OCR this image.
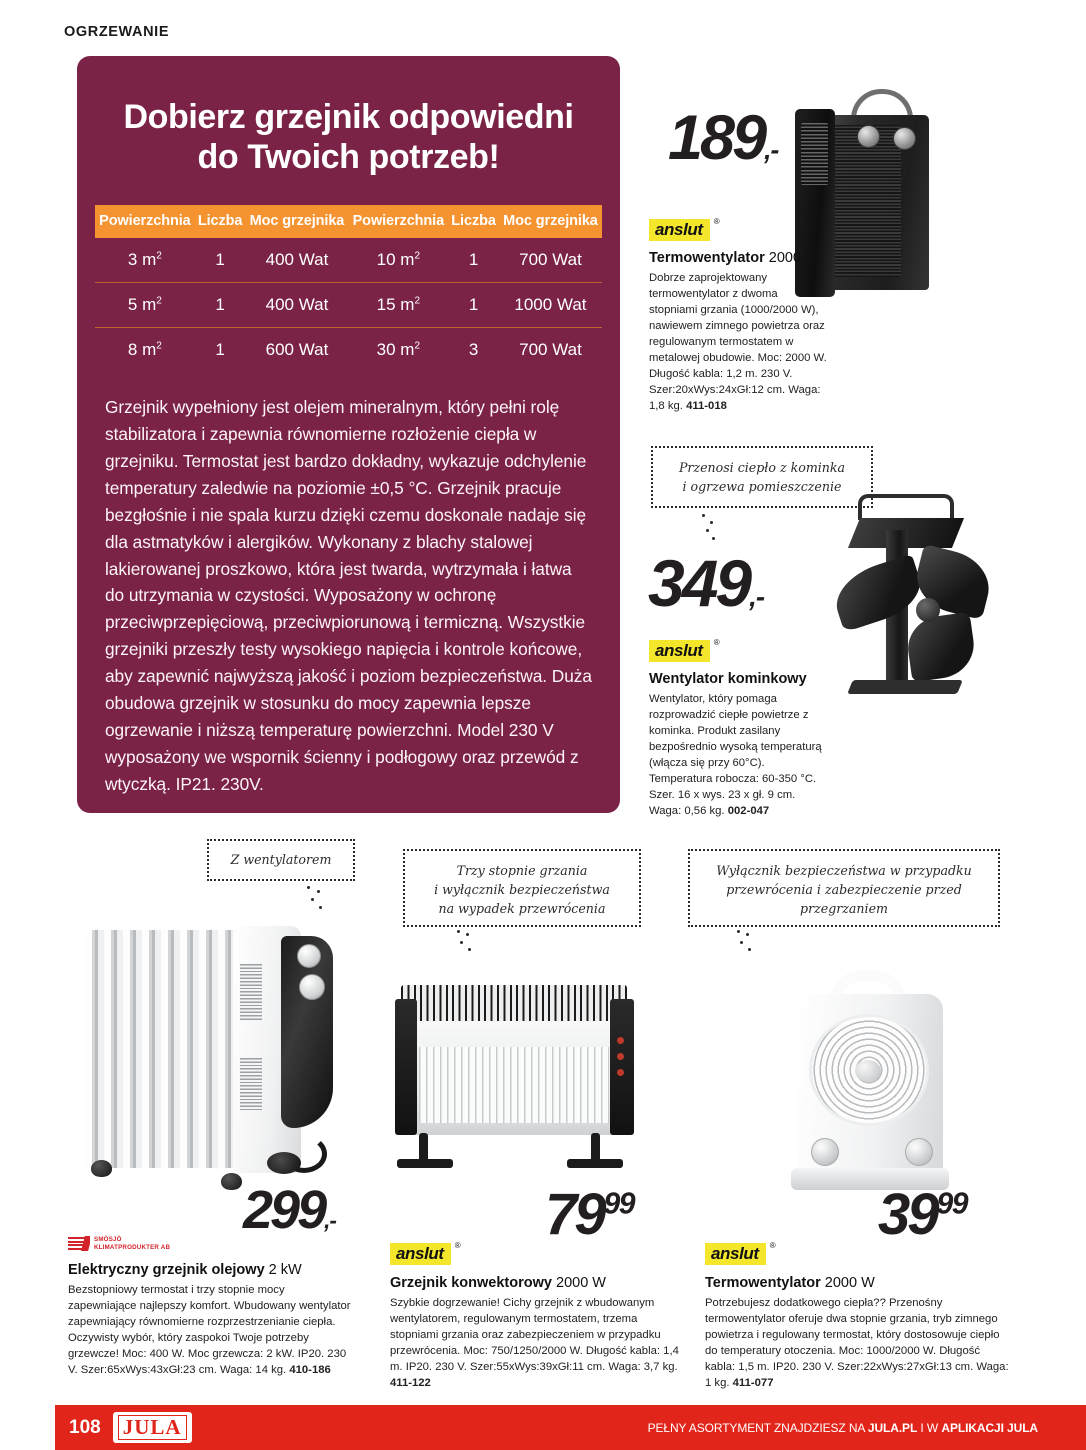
OGRZEWANIE
Dobierz grzejnik odpowiedni
do Twoich potrzeb!
Powierzchnia	Liczba	Moc grzejnika	Powierzchnia	Liczba	Moc grzejnika
3 $m^2$	1	400 Wat	10 $m^2$	1	700 Wat
5 $m^2$	1	400 Wat	15 $m^2$	1	1000 Wat
8 $m^2$	1	600 Wat	30 $m^2$	3	700 Wat
Grzejnik wypełniony jest olejem mineralnym, który pełni rolę stabilizatora i zapewnia równomierne rozłożenie ciepła w grzejniku. Termostat jest bardzo dokładny, wykazuje odchylenie temperatury zaledwie na poziomie ±0,5 °C. Grzejnik pracuje bezgłośnie i nie spala kurzu dzięki czemu doskonale nadaje się dla astmatyków i alergików. Wykonany z blachy stalowej lakierowanej proszkowo, która jest twarda, wytrzymała i łatwa do utrzymania w czystości. Wyposażony w ochronę przeciwprzepięciową, przeciwpiorunową i termiczną. Wszystkie grzejniki przeszły testy wysokiego napięcia i kontrole końcowe, aby zapewnić najwyższą jakość i poziom bezpieczeństwa. Duża obudowa grzejnik w stosunku do mocy zapewnia lepsze ogrzewanie i niższą temperaturę powierzchni. Model 230 V wyposażony we wspornik ścienny i podłogowy oraz przewód z wtyczką. IP21. 230V.
189,-
anslut ®
Termowentylator 2000 W
Dobrze zaprojektowany termowentylator z dwoma stopniami grzania (1000/2000 W), nawiewem zimnego powietrza oraz regulowanym termostatem w metalowej obudowie. Moc: 2000 W. Długość kabla: 1,2 m. 230 V. Szer:20xWys:24xGł:12 cm. Waga: 1,8 kg. 411-018
Przenosi ciepło z kominka
i ogrzewa pomieszczenie
349,-
anslut ®
Wentylator kominkowy
Wentylator, który pomaga rozprowadzić ciepłe powietrze z kominka. Produkt zasilany bezpośrednio wysoką temperaturą (włącza się przy 60°C). Temperatura robocza: 60-350 °C. Szer. 16 x wys. 23 x gł. 9 cm. Waga: 0,56 kg. 002-047
Z wentylatorem
299,-
SMÖSJÖ
KLIMATPRODUKTER AB
Elektryczny grzejnik olejowy 2 kW
Bezstopniowy termostat i trzy stopnie mocy zapewniające najlepszy komfort. Wbudowany wentylator zapewniający równomierne rozprzestrzenianie ciepła. Oczywisty wybór, który zaspokoi Twoje potrzeby grzewcze! Moc: 400 W. Moc grzewcza: 2 kW. IP20. 230 V. Szer:65xWys:43xGł:23 cm. Waga: 14 kg. 410-186
Trzy stopnie grzania
i wyłącznik bezpieczeństwa
na wypadek przewrócenia
$79^{99}$
anslut ®
Grzejnik konwektorowy 2000 W
Szybkie dogrzewanie! Cichy grzejnik z wbudowanym wentylatorem, regulowanym termostatem, trzema stopniami grzania oraz zabezpieczeniem w przypadku przewrócenia. Moc: 750/1250/2000 W. Długość kabla: 1,4 m. IP20. 230 V. Szer:55xWys:39xGł:11 cm. Waga: 3,7 kg. 411-122
Wyłącznik bezpieczeństwa w przypadku
przewrócenia i zabezpieczenie przed
przegrzaniem
$39^{99}$
anslut ®
Termowentylator 2000 W
Potrzebujesz dodatkowego ciepła?? Przenośny termowentylator oferuje dwa stopnie grzania, tryb zimnego powietrza i regulowany termostat, który dostosowuje ciepło do temperatury otoczenia. Moc: 1000/2000 W. Długość kabla: 1,5 m. IP20. 230 V. Szer:22xWys:27xGł:13 cm. Waga: 1 kg. 411-077
108	JULA	PEŁNY ASORTYMENT ZNAJDZIESZ NA JULA.PL I W APLIKACJI JULA
